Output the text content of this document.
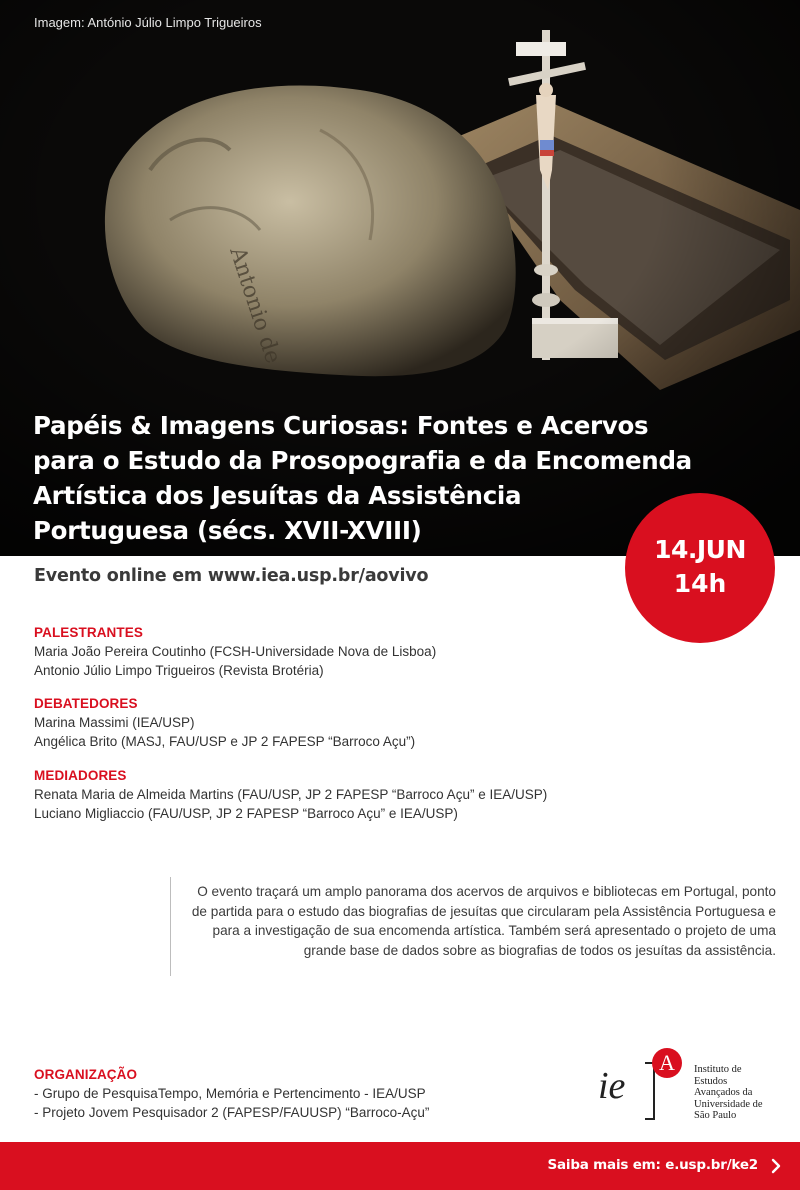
Imagem: António Júlio Limpo Trigueiros
Papéis & Imagens Curiosas: Fontes e Acervos
para o Estudo da Prosopografia e da Encomenda
Artística dos Jesuítas da Assistência
Portuguesa (sécs. XVII-XVIII)
Evento online em www.iea.usp.br/aovivo
14.JUN
14h
PALESTRANTES
Maria João Pereira Coutinho (FCSH-Universidade Nova de Lisboa)
Antonio Júlio Limpo Trigueiros (Revista Brotéria)
DEBATEDORES
Marina Massimi (IEA/USP)
Angélica Brito (MASJ, FAU/USP e JP 2 FAPESP “Barroco Açu”)
MEDIADORES
Renata Maria de Almeida Martins (FAU/USP, JP 2 FAPESP “Barroco Açu” e IEA/USP)
Luciano Migliaccio (FAU/USP, JP 2 FAPESP “Barroco Açu” e IEA/USP)

O evento traçará um amplo panorama dos acervos de arquivos e bibliotecas em Portugal, ponto de partida para o estudo das biografias de jesuítas que circularam pela Assistência Portuguesa e para a investigação de sua encomenda artística. Também será apresentado o projeto de uma grande base de dados sobre as biografias de todos os jesuítas da assistência.

ORGANIZAÇÃO
- Grupo de PesquisaTempo, Memória e Pertencimento - IEA/USP
- Projeto Jovem Pesquisador 2 (FAPESP/FAUUSP) “Barroco-Açu”
ie
A	Instituto de
Estudos
Avançados da
Universidade de
São Paulo
Saiba mais em: e.usp.br/ke2
